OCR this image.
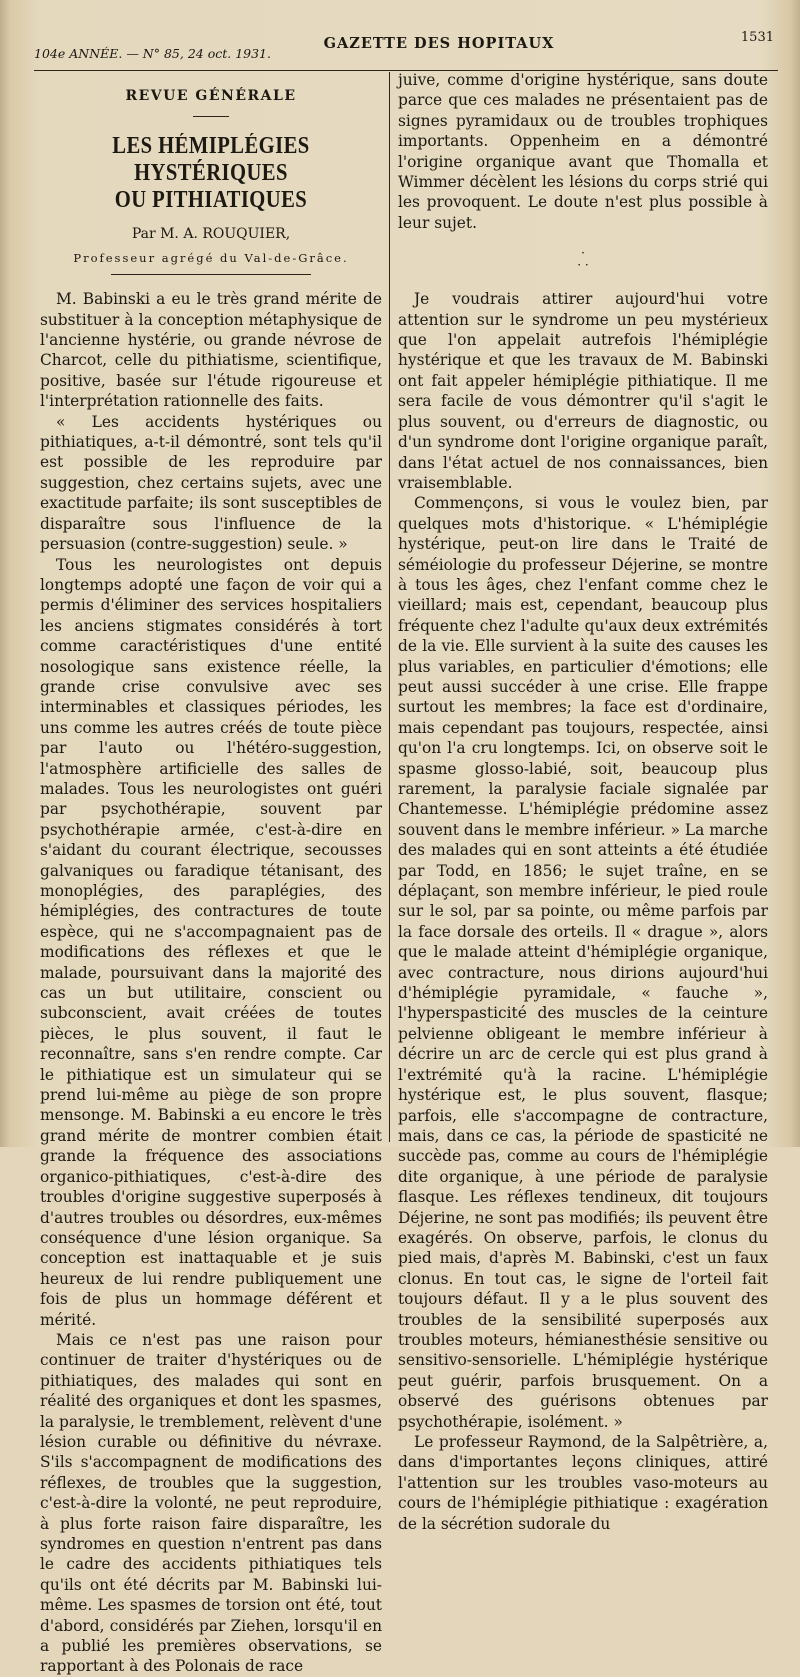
104e ANNÉE. — N° 85, 24 oct. 1931.
GAZETTE DES HOPITAUX	1531
REVUE GÉNÉRALE
LES HÉMIPLÉGIES HYSTÉRIQUES
OU PITHIATIQUES
Par M. A. ROUQUIER,
Professeur agrégé du Val-de-Grâce.

M. Babinski a eu le très grand mérite de substituer à la conception métaphysique de l'ancienne hystérie, ou grande névrose de Charcot, celle du pithiatisme, scientifique, positive, basée sur l'étude rigoureuse et l'interprétation rationnelle des faits.

« Les accidents hystériques ou pithiatiques, a-t-il démontré, sont tels qu'il est possible de les reproduire par suggestion, chez certains sujets, avec une exactitude parfaite; ils sont susceptibles de disparaître sous l'influence de la persuasion (contre-suggestion) seule. »

Tous les neurologistes ont depuis longtemps adopté une façon de voir qui a permis d'éliminer des services hospitaliers les anciens stigmates considérés à tort comme caractéristiques d'une entité nosologique sans existence réelle, la grande crise convulsive avec ses interminables et classiques périodes, les uns comme les autres créés de toute pièce par l'auto ou l'hétéro-suggestion, l'atmosphère artificielle des salles de malades. Tous les neurologistes ont guéri par psychothérapie, souvent par psychothérapie armée, c'est-à-dire en s'aidant du courant électrique, secousses galvaniques ou faradique tétanisant, des monoplégies, des paraplégies, des hémiplégies, des contractures de toute espèce, qui ne s'accompagnaient pas de modifications des réflexes et que le malade, poursuivant dans la majorité des cas un but utilitaire, conscient ou subconscient, avait créées de toutes pièces, le plus souvent, il faut le reconnaître, sans s'en rendre compte. Car le pithiatique est un simulateur qui se prend lui-même au piège de son propre mensonge. M. Babinski a eu encore le très grand mérite de montrer combien était grande la fréquence des associations organico-pithiatiques, c'est-à-dire des troubles d'origine suggestive superposés à d'autres troubles ou désordres, eux-mêmes conséquence d'une lésion organique. Sa conception est inattaquable et je suis heureux de lui rendre publiquement une fois de plus un hommage déférent et mérité.

Mais ce n'est pas une raison pour continuer de traiter d'hystériques ou de pithiatiques, des malades qui sont en réalité des organiques et dont les spasmes, la paralysie, le tremblement, relèvent d'une lésion curable ou définitive du névraxe. S'ils s'accompagnent de modifications des réflexes, de troubles que la suggestion, c'est-à-dire la volonté, ne peut reproduire, à plus forte raison faire disparaître, les syndromes en question n'entrent pas dans le cadre des accidents pithiatiques tels qu'ils ont été décrits par M. Babinski lui-même. Les spasmes de torsion ont été, tout d'abord, considérés par Ziehen, lorsqu'il en a publié les premières observations, se rapportant à des Polonais de race

juive, comme d'origine hystérique, sans doute parce que ces malades ne présentaient pas de signes pyramidaux ou de troubles trophiques importants. Oppenheim en a démontré l'origine organique avant que Thomalla et Wimmer décèlent les lésions du corps strié qui les provoquent. Le doute n'est plus possible à leur sujet.

·
· ·

Je voudrais attirer aujourd'hui votre attention sur le syndrome un peu mystérieux que l'on appelait autrefois l'hémiplégie hystérique et que les travaux de M. Babinski ont fait appeler hémiplégie pithiatique. Il me sera facile de vous démontrer qu'il s'agit le plus souvent, ou d'erreurs de diagnostic, ou d'un syndrome dont l'origine organique paraît, dans l'état actuel de nos connaissances, bien vraisemblable.

Commençons, si vous le voulez bien, par quelques mots d'historique. « L'hémiplégie hystérique, peut-on lire dans le Traité de séméiologie du professeur Déjerine, se montre à tous les âges, chez l'enfant comme chez le vieillard; mais est, cependant, beaucoup plus fréquente chez l'adulte qu'aux deux extrémités de la vie. Elle survient à la suite des causes les plus variables, en particulier d'émotions; elle peut aussi succéder à une crise. Elle frappe surtout les membres; la face est d'ordinaire, mais cependant pas toujours, respectée, ainsi qu'on l'a cru longtemps. Ici, on observe soit le spasme glosso-labié, soit, beaucoup plus rarement, la paralysie faciale signalée par Chantemesse. L'hémiplégie prédomine assez souvent dans le membre inférieur. » La marche des malades qui en sont atteints a été étudiée par Todd, en 1856; le sujet traîne, en se déplaçant, son membre inférieur, le pied roule sur le sol, par sa pointe, ou même parfois par la face dorsale des orteils. Il « drague », alors que le malade atteint d'hémiplégie organique, avec contracture, nous dirions aujourd'hui d'hémiplégie pyramidale, « fauche », l'hyperspasticité des muscles de la ceinture pelvienne obligeant le membre inférieur à décrire un arc de cercle qui est plus grand à l'extrémité qu'à la racine. L'hémiplégie hystérique est, le plus souvent, flasque; parfois, elle s'accompagne de contracture, mais, dans ce cas, la période de spasticité ne succède pas, comme au cours de l'hémiplégie dite organique, à une période de paralysie flasque. Les réflexes tendineux, dit toujours Déjerine, ne sont pas modifiés; ils peuvent être exagérés. On observe, parfois, le clonus du pied mais, d'après M. Babinski, c'est un faux clonus. En tout cas, le signe de l'orteil fait toujours défaut. Il y a le plus souvent des troubles de la sensibilité superposés aux troubles moteurs, hémianesthésie sensitive ou sensitivo-sensorielle. L'hémiplégie hystérique peut guérir, parfois brusquement. On a observé des guérisons obtenues par psychothérapie, isolément. »

Le professeur Raymond, de la Salpêtrière, a, dans d'importantes leçons cliniques, attiré l'attention sur les troubles vaso-moteurs au cours de l'hémiplégie pithiatique : exagération de la sécrétion sudorale du
